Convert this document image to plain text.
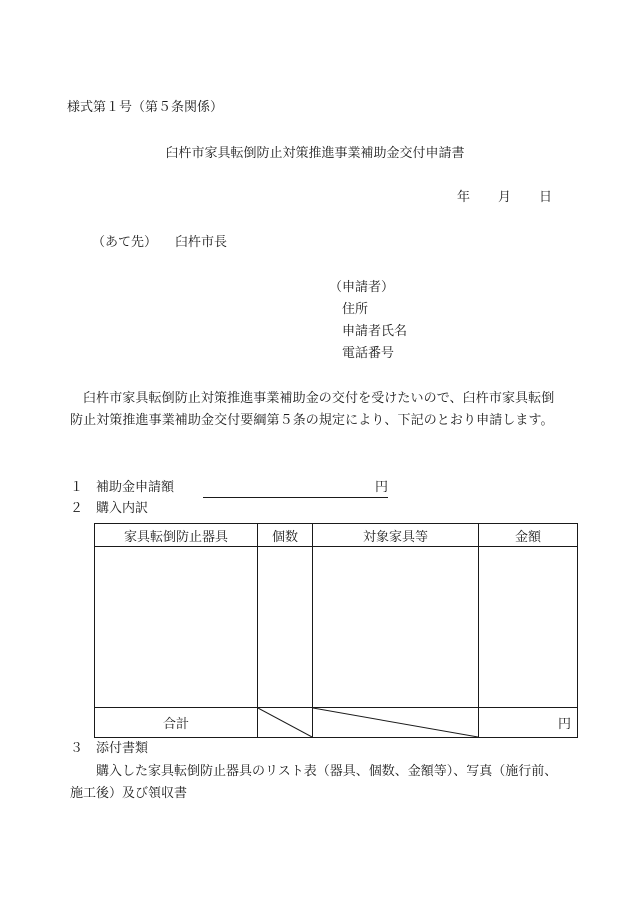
様式第１号（第５条関係）
臼杵市家具転倒防止対策推進事業補助金交付申請書
年 月 日
（あて先） 臼杵市長
（申請者）
住所
申請者氏名
電話番号
臼杵市家具転倒防止対策推進事業補助金の交付を受けたいので、臼杵市家具転倒防止対策推進事業補助金交付要綱第５条の規定により、下記のとおり申請します。
１ 補助金申請額	円
２ 購入内訳
家具転倒防止器具	個数	対象家具等	金額

合計			円
３ 添付書類
購入した家具転倒防止器具のリスト表（器具、個数、金額等）、写真（施行前、
施工後）及び領収書
